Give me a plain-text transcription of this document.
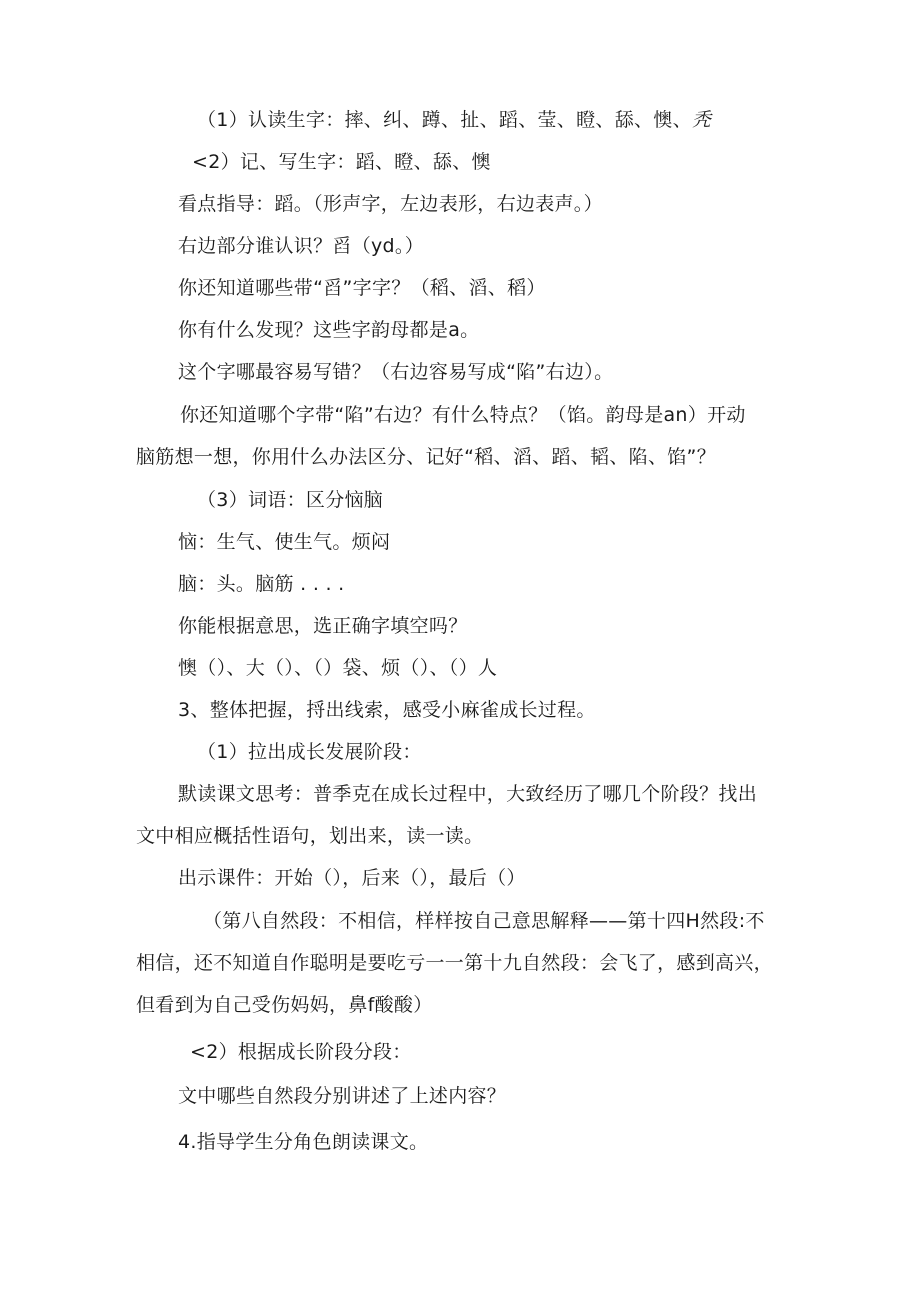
（1）认读生字：摔、纠、蹲、扯、蹈、莹、瞪、舔、懊、秃
<2）记、写生字：蹈、瞪、舔、懊
看点指导：蹈。（形声字，左边表形，右边表声。）
右边部分谁认识？舀（yd。）
你还知道哪些带“舀”字字？（稻、滔、稻）
你有什么发现？这些字韵母都是a。
这个字哪最容易写错？（右边容易写成“陷”右边）。
你还知道哪个字带“陷”右边？有什么特点？（馅。韵母是an）开动
脑筋想一想，你用什么办法区分、记好“稻、滔、蹈、韬、陷、馅”？
（3）词语：区分恼脑
恼：生气、使生气。烦闷
脑：头。脑筋 . . . .
你能根据意思，选正确字填空吗？
懊（）、大（）、（）袋、烦（）、（）人
3、整体把握，捋出线索，感受小麻雀成长过程。
（1）拉出成长发展阶段：
默读课文思考：普季克在成长过程中，大致经历了哪几个阶段？找出
文中相应概括性语句，划出来，读一读。
出示课件：开始（），后来（），最后（）
（第八自然段：不相信，样样按自己意思解释——第十四H然段:不
相信，还不知道自作聪明是要吃亏一一第十九自然段：会飞了，感到高兴，
但看到为自己受伤妈妈，鼻f酸酸）
<2）根据成长阶段分段：
文中哪些自然段分别讲述了上述内容？
4.指导学生分角色朗读课文。
